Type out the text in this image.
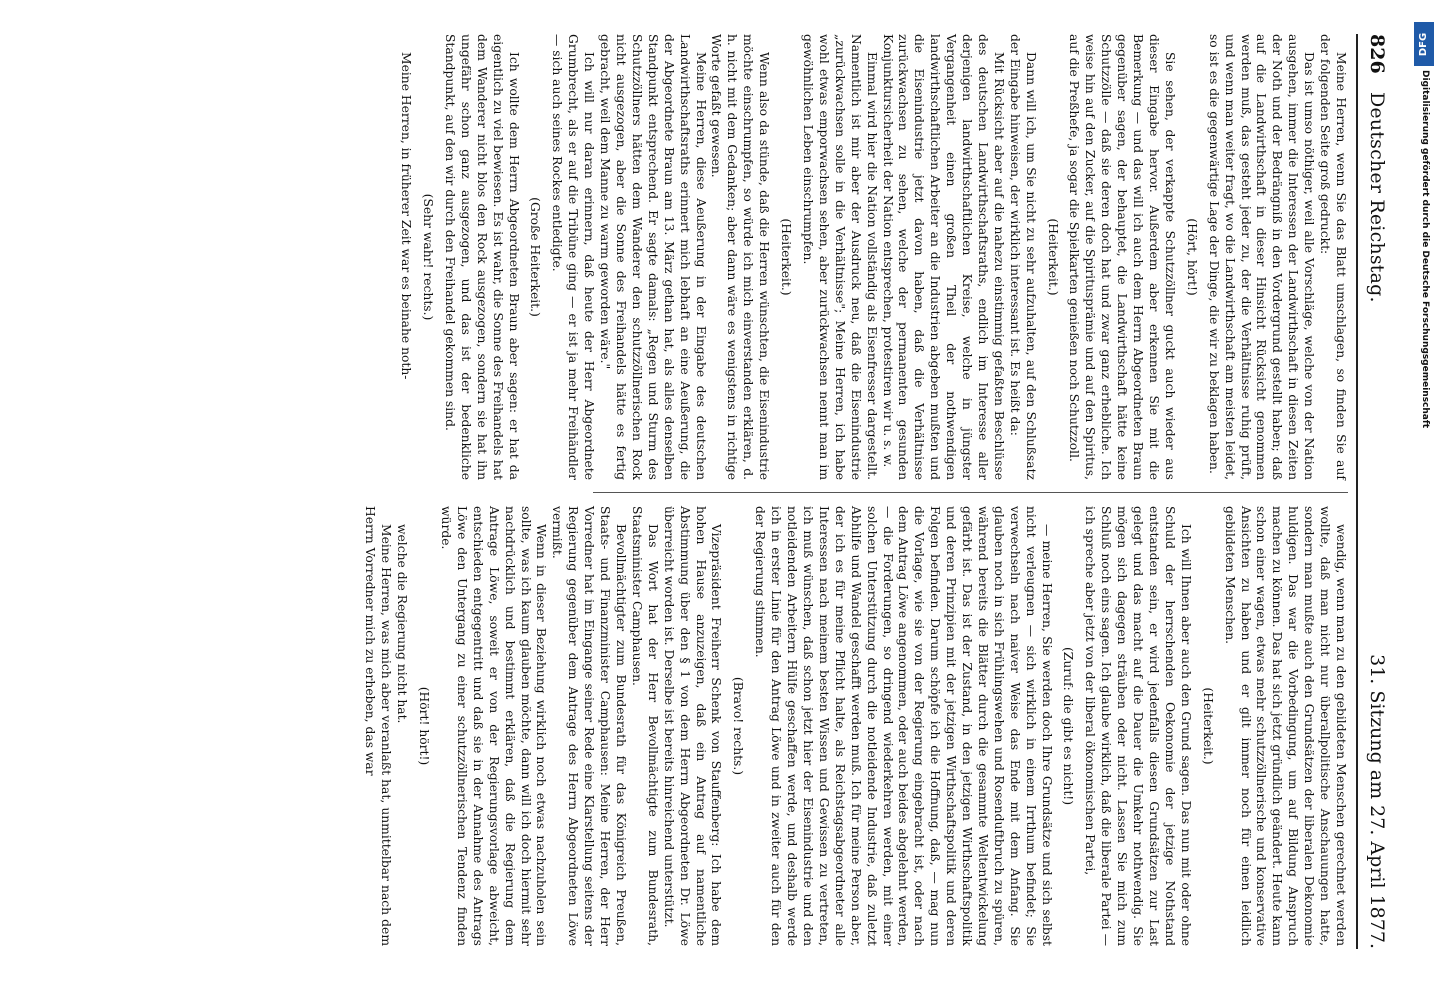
826
Deutscher Reichstag.
31. Sitzung am 27. April 1877.

Meine Herren, wenn Sie das Blatt umschlagen, so finden Sie auf der folgenden Seite groß gedruckt:

Das ist umso nöthiger, weil alle Vorschläge, welche von der Nation ausgehen, immer die Interessen der Landwirthschaft in diesen Zeiten der Noth und der Bedrängniß in den Vordergrund gestellt haben; daß auf die Landwirthschaft in dieser Hinsicht Rücksicht genommen werden muß, das gesteht jeder zu, der die Verhältnisse ruhig prüft, und wenn man weiter fragt, wo die Landwirthschaft am meisten leidet, so ist es die gegenwärtige Lage der Dinge, die wir zu beklagen haben.

(Hört, hört!)

Sie sehen, der verkappte Schutzzöllner guckt auch wieder aus dieser Eingabe hervor. Außerdem aber erkennen Sie mit die Bemerkung — und das will ich auch dem Herrn Abgeordneten Braun gegenüber sagen, der behauptet, die Landwirthschaft hätte keine Schutzzölle — daß sie deren doch hat und zwar ganz erhebliche. Ich weise hin auf den Zucker, auf die Spiritusprämie und auf den Spiritus, auf die Preßhefe, ja sogar die Spielkarten genießen noch Schutzzoll.

(Heiterkeit.)

Dann will ich, um Sie nicht zu sehr aufzuhalten, auf den Schlußsatz der Eingabe hinweisen, der wirklich interessant ist. Es heißt da:

Mit Rücksicht aber auf die nahezu einstimmig gefaßten Beschlüsse des deutschen Landwirthschaftsraths, endlich im Interesse aller derjenigen landwirthschaftlichen Kreise, welche in jüngster Vergangenheit einen großen Theil der nothwendigen landwirthschaftlichen Arbeiter an die Industrien abgeben mußten und die Eisenindustrie jetzt davon haben, daß die Verhältnisse zurückwachsen zu sehen, welche der permanenten gesunden Konjunktursicherheit der Nation entsprechen, protestiren wir u. s. w.

Einmal wird hier die Nation vollständig als Eisenfresser dargestellt. Namentlich ist mir aber der Ausdruck neu, daß die Eisenindustrie „zurückwachsen solle in die Verhältnisse"; Meine Herren, ich habe wohl etwas emporwachsen sehen, aber zurückwachsen nennt man im gewöhnlichen Leben einschrumpfen.

(Heiterkeit.)

Wenn also da stünde, daß die Herren wünschten, die Eisenindustrie möchte einschrumpfen, so würde ich mich einverstanden erklären, d. h. nicht mit dem Gedanken; aber dann wäre es wenigstens in richtige Worte gefaßt gewesen.

Meine Herren, diese Aeußerung in der Eingabe des deutschen Landwirthschaftsraths erinnert mich lebhaft an eine Aeußerung, die der Abgeordnete Braun am 13. März gethan hat, als alles denselben Standpunkt entsprechend. Er sagte damals: „Regen und Sturm des Schutzzöllners hätten dem Wanderer den schutzzöllnerischen Rock nicht ausgezogen, aber die Sonne des Freihandels hätte es fertig gebracht, weil dem Manne zu warm geworden wäre."

Ich will nur daran erinnern, daß heute der Herr Abgeordnete Grumbrecht, als er auf die Tribüne ging — er ist ja mehr Freihändler — sich auch seines Rockes entledigte.

(Große Heiterkeit.)

Ich wollte dem Herrn Abgeordneten Braun aber sagen: er hat da eigentlich zu viel bewiesen. Es ist wahr, die Sonne des Freihandels hat dem Wanderer nicht blos den Rock ausgezogen, sondern sie hat ihn ungefähr schon ganz ausgezogen, und das ist der bedenkliche Standpunkt, auf den wir durch den Freihandel gekommen sind.

(Sehr wahr! rechts.)

Meine Herren, in früherer Zeit war es beinahe noth-

wendig, wenn man zu den gebildeten Menschen gerechnet werden wollte, daß man nicht nur überallpolitische Anschauungen hatte, sondern man mußte auch den Grundsätzen der liberalen Dekonomie huldigen. Das war die Vorbedingung, um auf Bildung Anspruch machen zu können. Das hat sich jetzt gründlich geändert. Heute kann schon einer wagen, etwas mehr schutzzöllnerische und konservative Ansichten zu haben und er gilt immer noch für einen leidlich gebildeten Menschen.

(Heiterkeit.)

Ich will Ihnen aber auch den Grund sagen. Das nun mit oder ohne Schuld der herrschenden Oekonomie der jetzige Nothstand entstanden sein, er wird jedenfalls diesen Grundsätzen zur Last gelegt und das macht auf die Dauer die Umkehr nothwendig. Sie mögen sich dagegen sträuben oder nicht. Lassen Sie mich zum Schluß noch eins sagen. Ich glaube wirklich, daß die liberale Partei — ich spreche aber jetzt von der liberal ökonomischen Partei,

(Zuruf: die gibt es nicht!)

— meine Herren, Sie werden doch Ihre Grundsätze und sich selbst nicht verleugnen — sich wirklich in einem Irrthum befindet; Sie verwechseln nach naiver Weise das Ende mit dem Anfang. Sie glauben noch in sich Frühlingswehen und Rosenduftbruch zu spüren, während bereits die Blätter durch die gesammte Weltentwickelung gefärbt ist. Das ist der Zustand, in den jetzigen Wirthschaftspolitik und deren Prinzipien mit der jetzigen Wirthschaftspolitik und deren Folgen befinden. Darum schöpfe ich die Hoffnung, daß, — mag nun die Vorlage, wie sie von der Regierung eingebracht ist, oder nach dem Antrag Löwe angenommen, oder auch beides abgelehnt werden, — die Forderungen, so dringend wiederkehren werden, mit einer solchen Unterstützung durch die notleidende Industrie, daß zuletzt Abhilfe und Wandel geschafft werden muß. Ich für meine Person aber, der ich es für meine Pflicht halte, als Reichstagsabgeordneter alle Interessen nach meinem besten Wissen und Gewissen zu vertreten, ich muß wünschen, daß schon jetzt hier der Eisenindustrie und den notleidenden Arbeitern Hülfe geschaffen werde, und deshalb werde ich in erster Linie für den Antrag Löwe und in zweiter auch für den der Regierung stimmen.

(Bravo! rechts.)

Vizepräsident Freiherr Schenk von Stauffenberg: Ich habe dem hohen Hause anzuzeigen, daß ein Antrag auf namentliche Abstimmung über den § 1 von dem Herrn Abgeordneten Dr. Löwe überreicht worden ist. Derselbe ist bereits hinreichend unterstützt.

Das Wort hat der Herr Bevollmächtigte zum Bundesrath, Staatsminister Camphausen.

Bevollmächtigter zum Bundesrath für das Königreich Preußen, Staats- und Finanzminister Camphausen: Meine Herren, der Herr Vorredner hat im Eingange seiner Rede eine Klarstellung seitens der Regierung gegenüber dem Antrage des Herrn Abgeordneten Löwe vermißt.

Wenn in dieser Beziehung wirklich noch etwas nachzuholen sein sollte, was ich kaum glauben möchte, dann will ich doch hiermit sehr nachdrücklich und bestimmt erklären, daß die Regierung dem Antrage Löwe, soweit er von der Regierungsvorlage abweicht, entschieden entgegentritt und daß sie in der Annahme des Antrags Löwe den Untergang zu einer schutzzöllnerischen Tendenz finden würde.

(Hört! hört!)

welche die Regierung nicht hat.

Meine Herren, was mich aber veranlaßt hat, unmittelbar nach dem Herrn Vorredner mich zu erheben, das war

DFG
Digitalisierung gefördert durch die Deutsche Forschungsgemeinschaft
